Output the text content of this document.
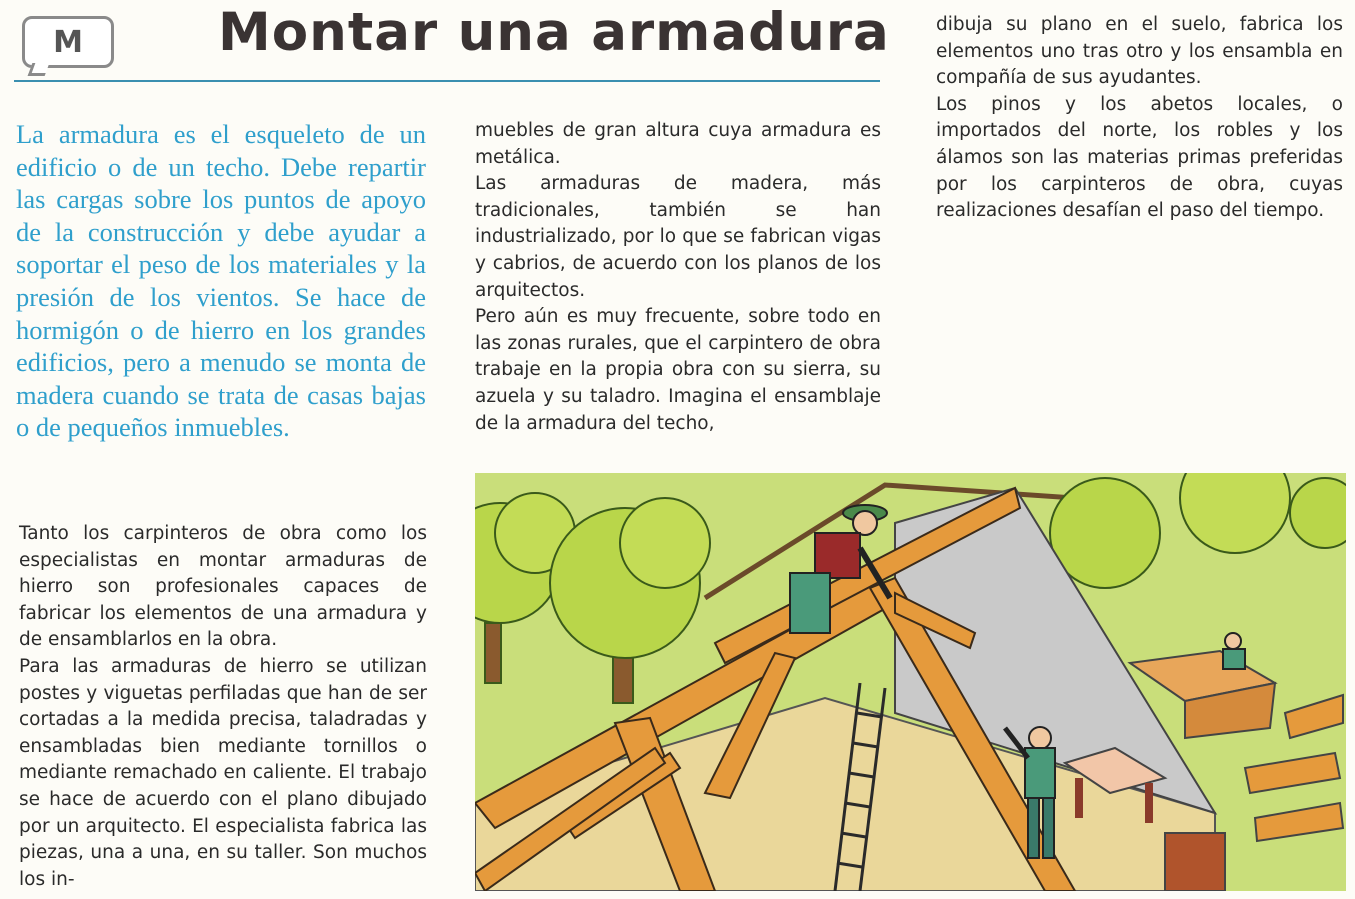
M	Montar una armadura

La armadura es el esqueleto de un edificio o de un techo. Debe repartir las cargas sobre los puntos de apoyo de la construcción y debe ayudar a soportar el peso de los materiales y la presión de los vientos. Se hace de hormigón o de hierro en los grandes edificios, pero a menudo se monta de madera cuando se trata de casas bajas o de pequeños inmuebles.

Tanto los carpinteros de obra como los especialistas en montar armaduras de hierro son profesionales capaces de fabricar los elementos de una armadura y de ensamblarlos en la obra.

Para las armaduras de hierro se utilizan postes y viguetas perfiladas que han de ser cortadas a la medida precisa, taladradas y ensambladas bien mediante tornillos o mediante remachado en caliente. El trabajo se hace de acuerdo con el plano dibujado por un arquitecto. El especialista fabrica las piezas, una a una, en su taller. Son muchos los in-

muebles de gran altura cuya armadura es metálica.

Las armaduras de madera, más tradicionales, también se han industrializado, por lo que se fabrican vigas y cabrios, de acuerdo con los planos de los arquitectos.

Pero aún es muy frecuente, sobre todo en las zonas rurales, que el carpintero de obra trabaje en la propia obra con su sierra, su azuela y su taladro. Imagina el ensamblaje de la armadura del techo,

dibuja su plano en el suelo, fabrica los elementos uno tras otro y los ensambla en compañía de sus ayudantes.

Los pinos y los abetos locales, o importados del norte, los robles y los álamos son las materias primas preferidas por los carpinteros de obra, cuyas realizaciones desafían el paso del tiempo.
